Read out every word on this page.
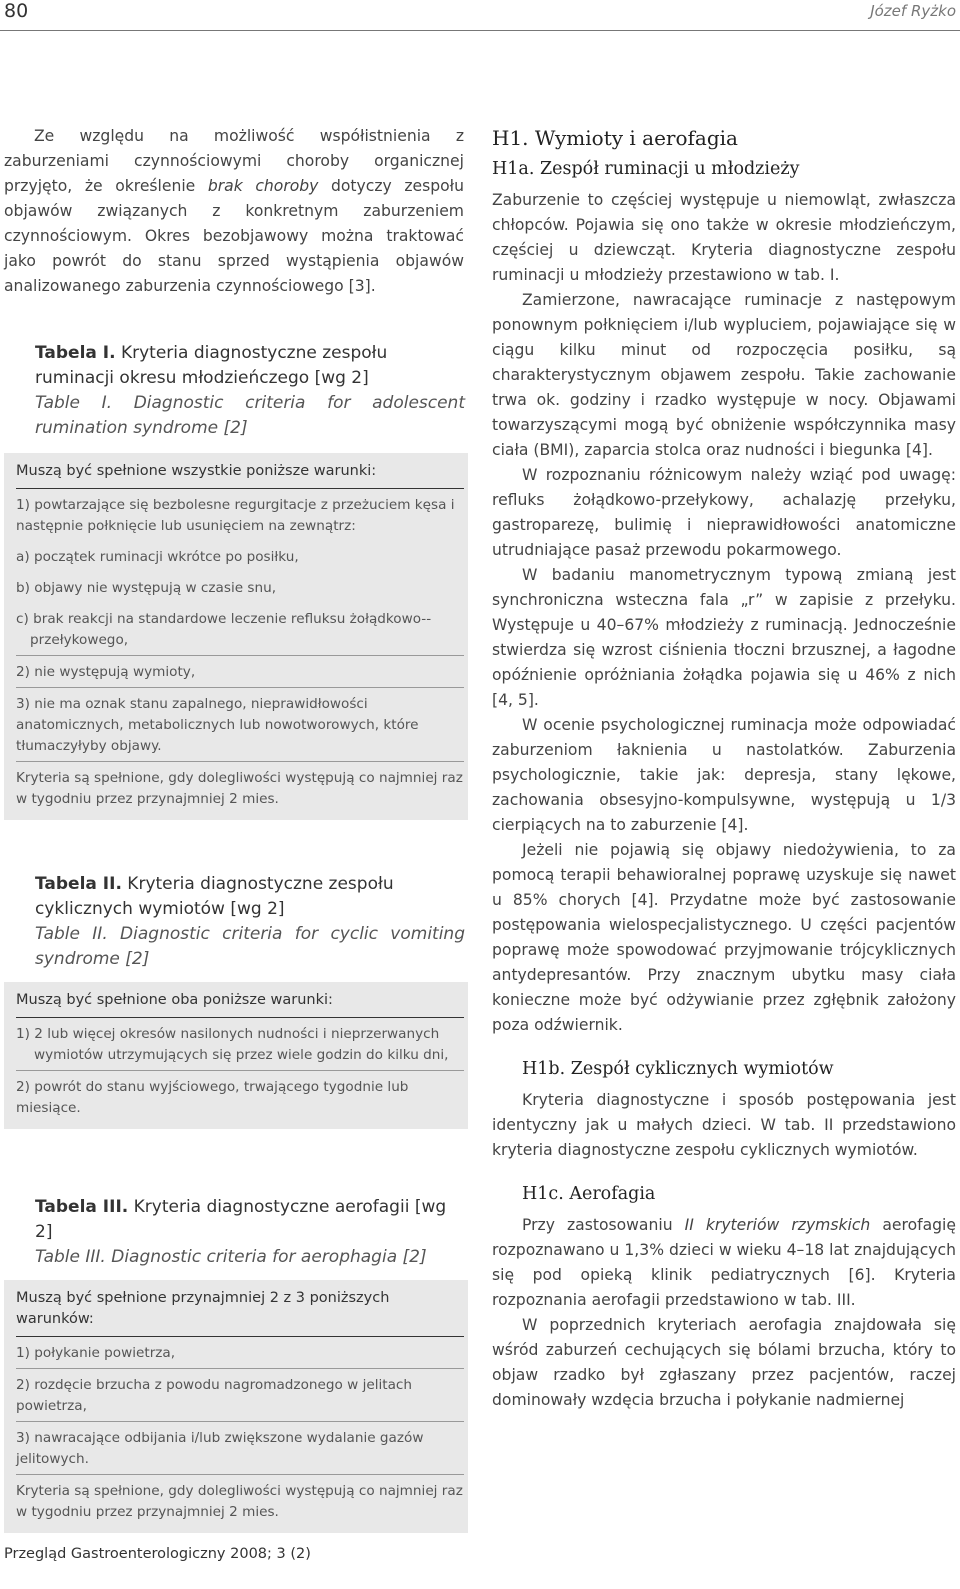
80	Józef Ryżko

Ze względu na możliwość współistnienia z zaburzeniami czynnościowymi choroby organicznej przyjęto, że określenie brak choroby dotyczy zespołu objawów związanych z konkretnym zaburzeniem czynnościowym. Okres bezobjawowy można traktować jako powrót do stanu sprzed wystąpienia objawów analizowanego zaburzenia czynnościowego [3].

Tabela I. Kryteria diagnostyczne zespołu ruminacji okresu młodzieńczego [wg 2]
Table I. Diagnostic criteria for adolescent rumination syndrome [2]
Muszą być spełnione wszystkie poniższe warunki:
1) powtarzające się bezbolesne regurgitacje z przeżuciem kęsa i następnie połknięcie lub usunięciem na zewnątrz:
a) początek ruminacji wkrótce po posiłku,
b) objawy nie występują w czasie snu,
c) brak reakcji na standardowe leczenie refluksu żołądkowo--przełykowego,
2) nie występują wymioty,
3) nie ma oznak stanu zapalnego, nieprawidłowości anatomicznych, metabolicznych lub nowotworowych, które tłumaczyłyby objawy.
Kryteria są spełnione, gdy dolegliwości występują co najmniej raz w tygodniu przez przynajmniej 2 mies.
Tabela II. Kryteria diagnostyczne zespołu cyklicznych wymiotów [wg 2]
Table II. Diagnostic criteria for cyclic vomiting syndrome [2]
Muszą być spełnione oba poniższe warunki:
1) 2 lub więcej okresów nasilonych nudności i nieprzerwanych wymiotów utrzymujących się przez wiele godzin do kilku dni,
2) powrót do stanu wyjściowego, trwającego tygodnie lub miesiące.
Tabela III. Kryteria diagnostyczne aerofagii [wg 2]
Table III. Diagnostic criteria for aerophagia [2]
Muszą być spełnione przynajmniej 2 z 3 poniższych warunków:
1) połykanie powietrza,
2) rozdęcie brzucha z powodu nagromadzonego w jelitach powietrza,
3) nawracające odbijania i/lub zwiększone wydalanie gazów jelitowych.
Kryteria są spełnione, gdy dolegliwości występują co najmniej raz w tygodniu przez przynajmniej 2 mies.
H1. Wymioty i aerofagia
H1a. Zespół ruminacji u młodzieży

Zaburzenie to częściej występuje u niemowląt, zwłaszcza chłopców. Pojawia się ono także w okresie młodzieńczym, częściej u dziewcząt. Kryteria diagnostyczne zespołu ruminacji u młodzieży przestawiono w tab. I.

Zamierzone, nawracające ruminacje z następowym ponownym połknięciem i/lub wypluciem, pojawiające się w ciągu kilku minut od rozpoczęcia posiłku, są charakterystycznym objawem zespołu. Takie zachowanie trwa ok. godziny i rzadko występuje w nocy. Objawami towarzyszącymi mogą być obniżenie współczynnika masy ciała (BMI), zaparcia stolca oraz nudności i biegunka [4].

W rozpoznaniu różnicowym należy wziąć pod uwagę: refluks żołądkowo-przełykowy, achalazję przełyku, gastroparezę, bulimię i nieprawidłowości anatomiczne utrudniające pasaż przewodu pokarmowego.

W badaniu manometrycznym typową zmianą jest synchroniczna wsteczna fala „r” w zapisie z przełyku. Występuje u 40–67% młodzieży z ruminacją. Jednocześnie stwierdza się wzrost ciśnienia tłoczni brzusznej, a łagodne opóźnienie opróżniania żołądka pojawia się u 46% z nich [4, 5].

W ocenie psychologicznej ruminacja może odpowiadać zaburzeniom łaknienia u nastolatków. Zaburzenia psychologicznie, takie jak: depresja, stany lękowe, zachowania obsesyjno-kompulsywne, występują u 1/3 cierpiących na to zaburzenie [4].

Jeżeli nie pojawią się objawy niedożywienia, to za pomocą terapii behawioralnej poprawę uzyskuje się nawet u 85% chorych [4]. Przydatne może być zastosowanie postępowania wielospecjalistycznego. U części pacjentów poprawę może spowodować przyjmowanie trójcyklicznych antydepresantów. Przy znacznym ubytku masy ciała konieczne może być odżywianie przez zgłębnik założony poza odźwiernik.

H1b. Zespół cyklicznych wymiotów

Kryteria diagnostyczne i sposób postępowania jest identyczny jak u małych dzieci. W tab. II przedstawiono kryteria diagnostyczne zespołu cyklicznych wymiotów.

H1c. Aerofagia

Przy zastosowaniu II kryteriów rzymskich aerofagię rozpoznawano u 1,3% dzieci w wieku 4–18 lat znajdujących się pod opieką klinik pediatrycznych [6]. Kryteria rozpoznania aerofagii przedstawiono w tab. III.

W poprzednich kryteriach aerofagia znajdowała się wśród zaburzeń cechujących się bólami brzucha, który to objaw rzadko był zgłaszany przez pacjentów, raczej dominowały wzdęcia brzucha i połykanie nadmiernej

Przegląd Gastroenterologiczny 2008; 3 (2)
